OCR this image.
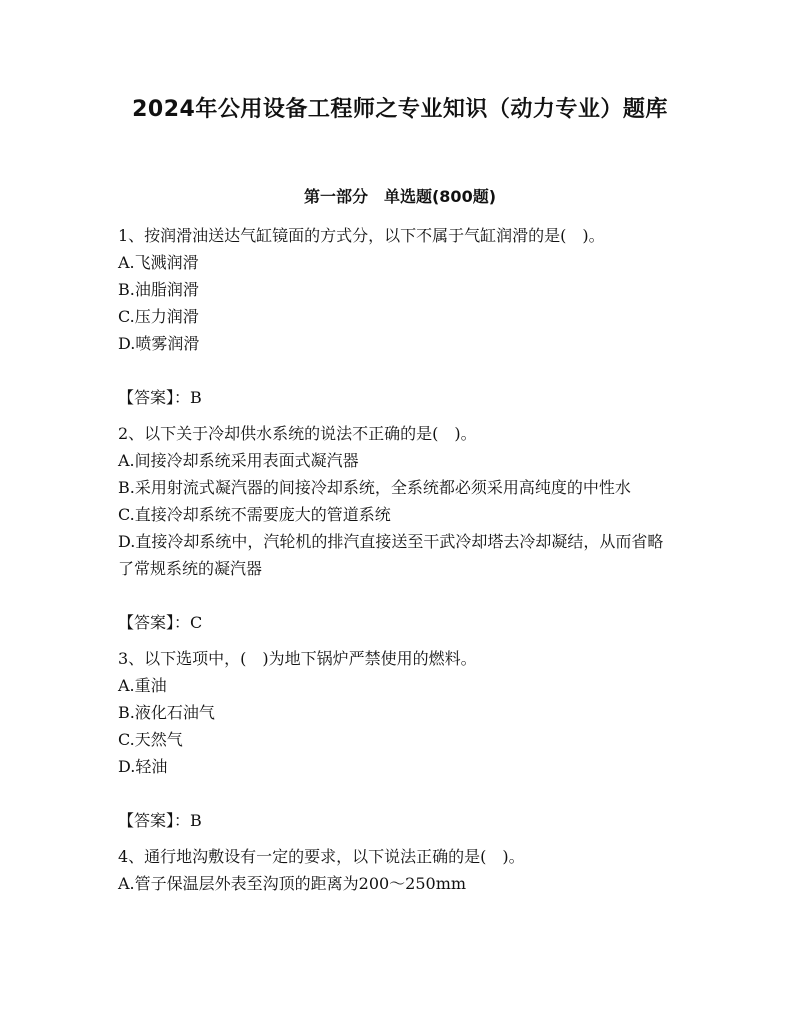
2024年公用设备工程师之专业知识（动力专业）题库
第一部分　单选题(800题)
1、按润滑油送达气缸镜面的方式分，以下不属于气缸润滑的是(　)。
A.飞溅润滑
B.油脂润滑
C.压力润滑
D.喷雾润滑
【答案】：B
2、以下关于冷却供水系统的说法不正确的是(　)。
A.间接冷却系统采用表面式凝汽器
B.采用射流式凝汽器的间接冷却系统，全系统都必须采用高纯度的中性水
C.直接冷却系统不需要庞大的管道系统
D.直接冷却系统中，汽轮机的排汽直接送至干武冷却塔去冷却凝结，从而省略了常规系统的凝汽器
【答案】：C
3、以下选项中，(　)为地下锅炉严禁使用的燃料。
A.重油
B.液化石油气
C.天然气
D.轻油
【答案】：B
4、通行地沟敷设有一定的要求，以下说法正确的是(　)。
A.管子保温层外表至沟顶的距离为200～250mm
